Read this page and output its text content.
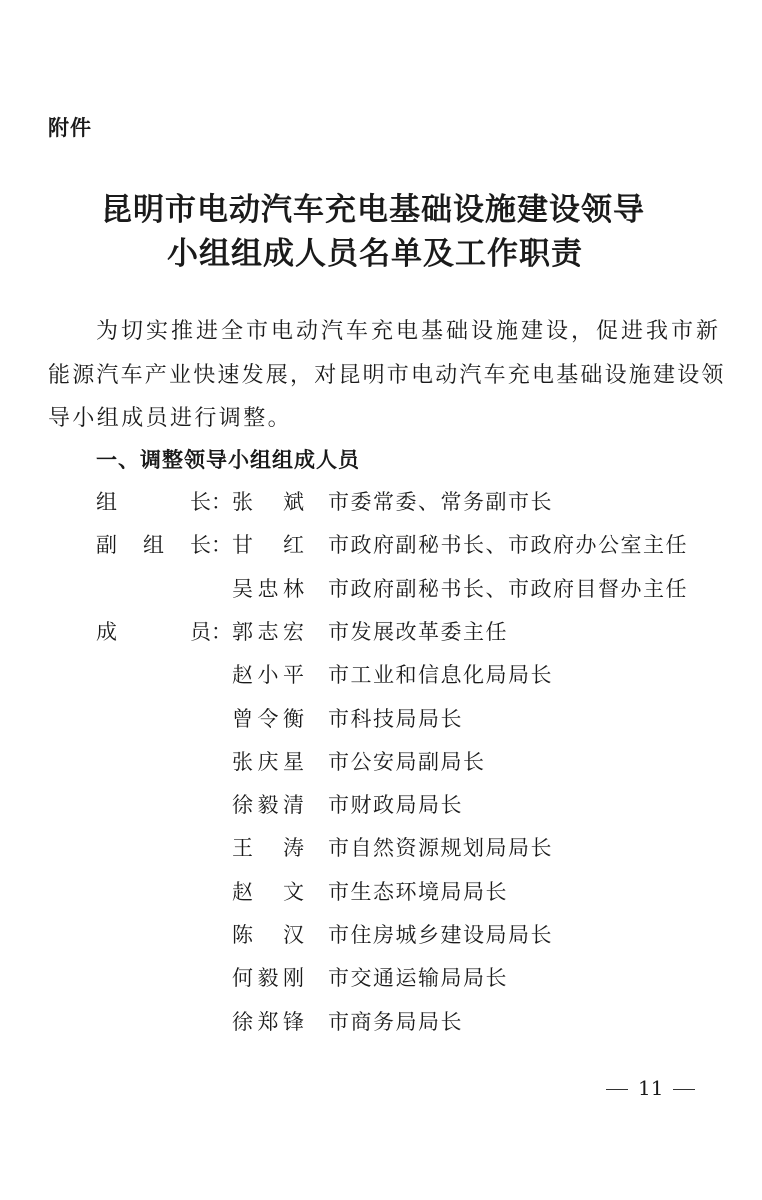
附件
昆明市电动汽车充电基础设施建设领导
小组组成人员名单及工作职责
为切实推进全市电动汽车充电基础设施建设，促进我市新
能源汽车产业快速发展，对昆明市电动汽车充电基础设施建设领
导小组成员进行调整。
一、调整领导小组组成人员
组	长： 张 斌 市委常委、常务副市长
副 组 长： 甘 红 市政府副秘书长、市政府办公室主任
吴 忠 林 市政府副秘书长、市政府目督办主任
成	员： 郭 志 宏 市发展改革委主任
赵 小 平 市工业和信息化局局长
曾 令 衡 市科技局局长
张 庆 星 市公安局副局长
徐 毅 清 市财政局局长
王 涛 市自然资源规划局局长
赵 文 市生态环境局局长
陈 汉 市住房城乡建设局局长
何 毅 刚 市交通运输局局长
徐 郑 锋 市商务局局长
11
